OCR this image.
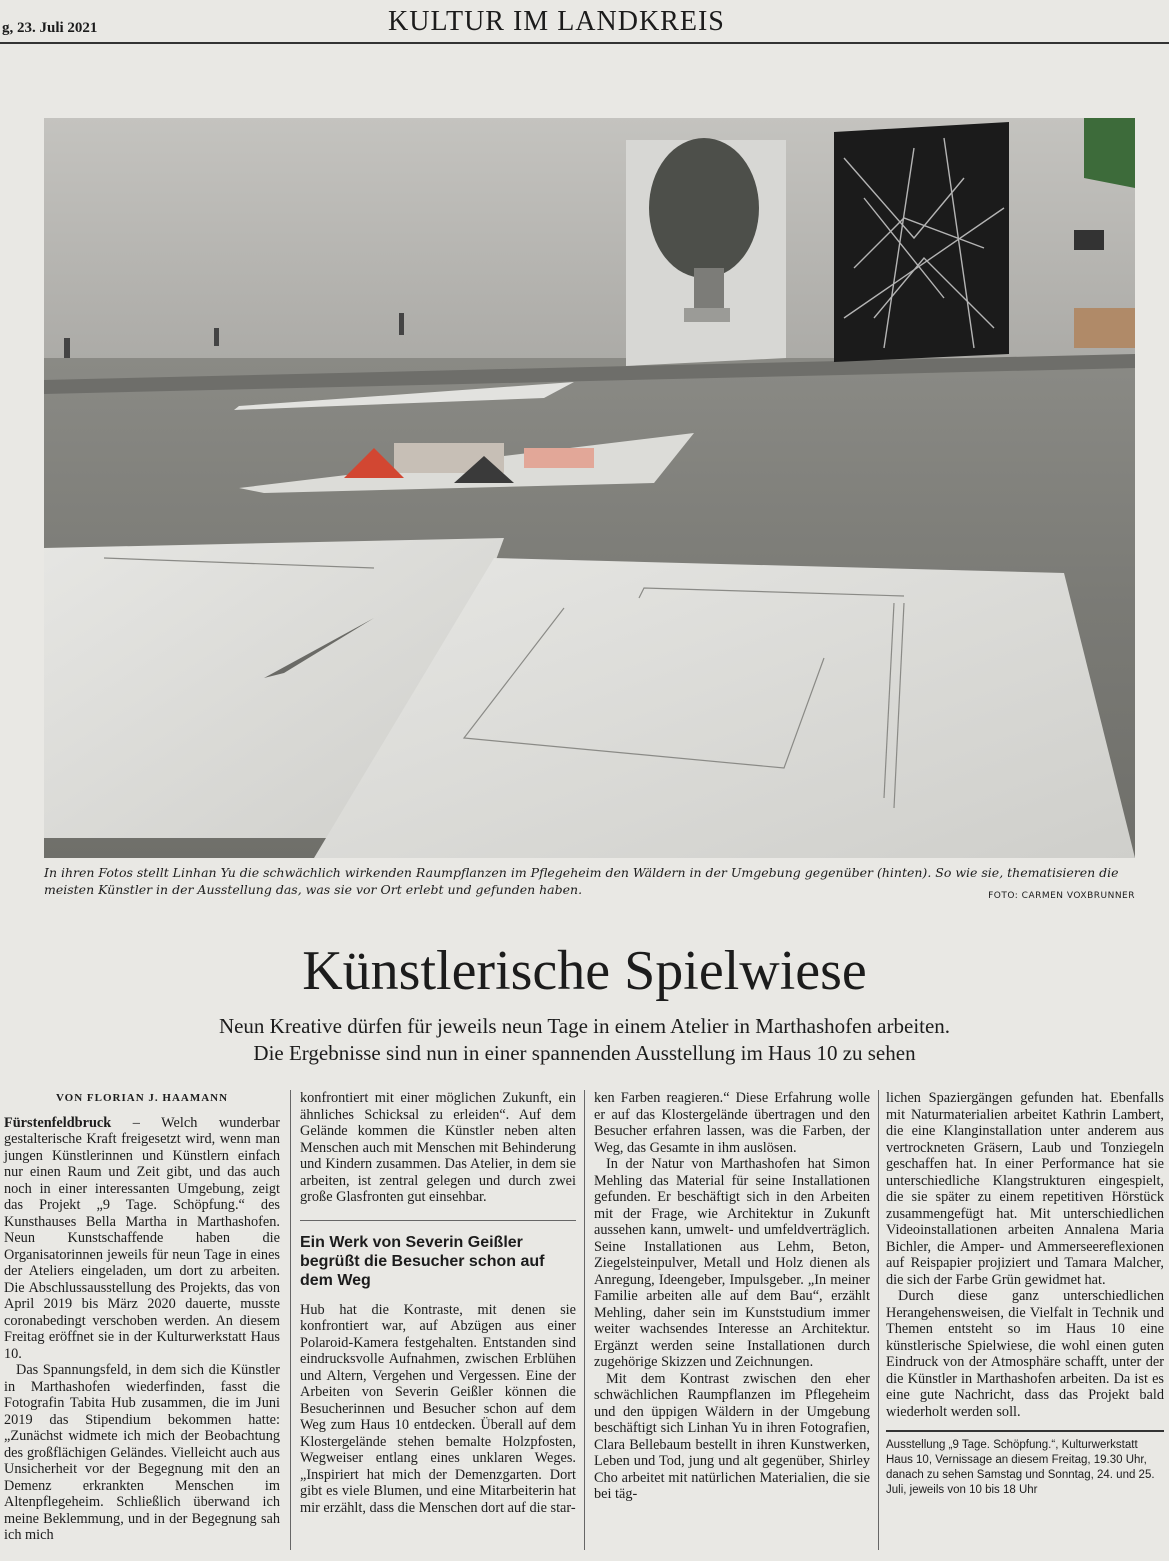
g, 23. Juli 2021	KULTUR IM LANDKREIS
In ihren Fotos stellt Linhan Yu die schwächlich wirkenden Raumpflanzen im Pflegeheim den Wäldern in der Umgebung gegenüber (hinten). So wie sie, thematisieren die meisten Künstler in der Ausstellung das, was sie vor Ort erlebt und gefunden haben.	FOTO: CARMEN VOXBRUNNER
Künstlerische Spielwiese
Neun Kreative dürfen für jeweils neun Tage in einem Atelier in Marthashofen arbeiten.
Die Ergebnisse sind nun in einer spannenden Ausstellung im Haus 10 zu sehen
VON FLORIAN J. HAAMANN

Fürstenfeldbruck – Welch wunderbar gestalterische Kraft freigesetzt wird, wenn man jungen Künstlerinnen und Künstlern einfach nur einen Raum und Zeit gibt, und das auch noch in einer interessanten Umgebung, zeigt das Projekt „9 Tage. Schöpfung.“ des Kunsthauses Bella Martha in Marthashofen. Neun Kunstschaffende haben die Organisatorinnen jeweils für neun Tage in eines der Ateliers eingeladen, um dort zu arbeiten. Die Abschlussausstellung des Projekts, das von April 2019 bis März 2020 dauerte, musste coronabedingt verschoben werden. An diesem Freitag eröffnet sie in der Kulturwerkstatt Haus 10.

Das Spannungsfeld, in dem sich die Künstler in Marthashofen wiederfinden, fasst die Fotografin Tabita Hub zusammen, die im Juni 2019 das Stipendium bekommen hatte: „Zunächst widmete ich mich der Beobachtung des großflächigen Geländes. Vielleicht auch aus Unsicherheit vor der Begegnung mit den an Demenz erkrankten Menschen im Altenpflegeheim. Schließlich überwand ich meine Beklemmung, und in der Begegnung sah ich mich

konfrontiert mit einer möglichen Zukunft, ein ähnliches Schicksal zu erleiden“. Auf dem Gelände kommen die Künstler neben alten Menschen auch mit Menschen mit Behinderung und Kindern zusammen. Das Atelier, in dem sie arbeiten, ist zentral gelegen und durch zwei große Glasfronten gut einsehbar.

Ein Werk von Severin Geißler begrüßt die Besucher schon auf dem Weg

Hub hat die Kontraste, mit denen sie konfrontiert war, auf Abzügen aus einer Polaroid-Kamera festgehalten. Entstanden sind eindrucksvolle Aufnahmen, zwischen Erblühen und Altern, Vergehen und Vergessen. Eine der Arbeiten von Severin Geißler können die Besucherinnen und Besucher schon auf dem Weg zum Haus 10 entdecken. Überall auf dem Klostergelände stehen bemalte Holzpfosten, Wegweiser entlang eines unklaren Weges. „Inspiriert hat mich der Demenzgarten. Dort gibt es viele Blumen, und eine Mitarbeiterin hat mir erzählt, dass die Menschen dort auf die star-

ken Farben reagieren.“ Diese Erfahrung wolle er auf das Klostergelände übertragen und den Besucher erfahren lassen, was die Farben, der Weg, das Gesamte in ihm auslösen.

In der Natur von Marthashofen hat Simon Mehling das Material für seine Installationen gefunden. Er beschäftigt sich in den Arbeiten mit der Frage, wie Architektur in Zukunft aussehen kann, umwelt- und umfeldverträglich. Seine Installationen aus Lehm, Beton, Ziegelsteinpulver, Metall und Holz dienen als Anregung, Ideengeber, Impulsgeber. „In meiner Familie arbeiten alle auf dem Bau“, erzählt Mehling, daher sein im Kunststudium immer weiter wachsendes Interesse an Architektur. Ergänzt werden seine Installationen durch zugehörige Skizzen und Zeichnungen.

Mit dem Kontrast zwischen den eher schwächlichen Raumpflanzen im Pflegeheim und den üppigen Wäldern in der Umgebung beschäftigt sich Linhan Yu in ihren Fotografien, Clara Bellebaum bestellt in ihren Kunstwerken, Leben und Tod, jung und alt gegenüber, Shirley Cho arbeitet mit natürlichen Materialien, die sie bei täg-

lichen Spaziergängen gefunden hat. Ebenfalls mit Naturmaterialien arbeitet Kathrin Lambert, die eine Klanginstallation unter anderem aus vertrockneten Gräsern, Laub und Tonziegeln geschaffen hat. In einer Performance hat sie unterschiedliche Klangstrukturen eingespielt, die sie später zu einem repetitiven Hörstück zusammengefügt hat. Mit unterschiedlichen Videoinstallationen arbeiten Annalena Maria Bichler, die Amper- und Ammerseereflexionen auf Reispapier projiziert und Tamara Malcher, die sich der Farbe Grün gewidmet hat.

Durch diese ganz unterschiedlichen Herangehensweisen, die Vielfalt in Technik und Themen entsteht so im Haus 10 eine künstlerische Spielwiese, die wohl einen guten Eindruck von der Atmosphäre schafft, unter der die Künstler in Marthashofen arbeiten. Da ist es eine gute Nachricht, dass das Projekt bald wiederholt werden soll.

Ausstellung „9 Tage. Schöpfung.“, Kulturwerkstatt Haus 10, Vernissage an diesem Freitag, 19.30 Uhr, danach zu sehen Samstag und Sonntag, 24. und 25. Juli, jeweils von 10 bis 18 Uhr
